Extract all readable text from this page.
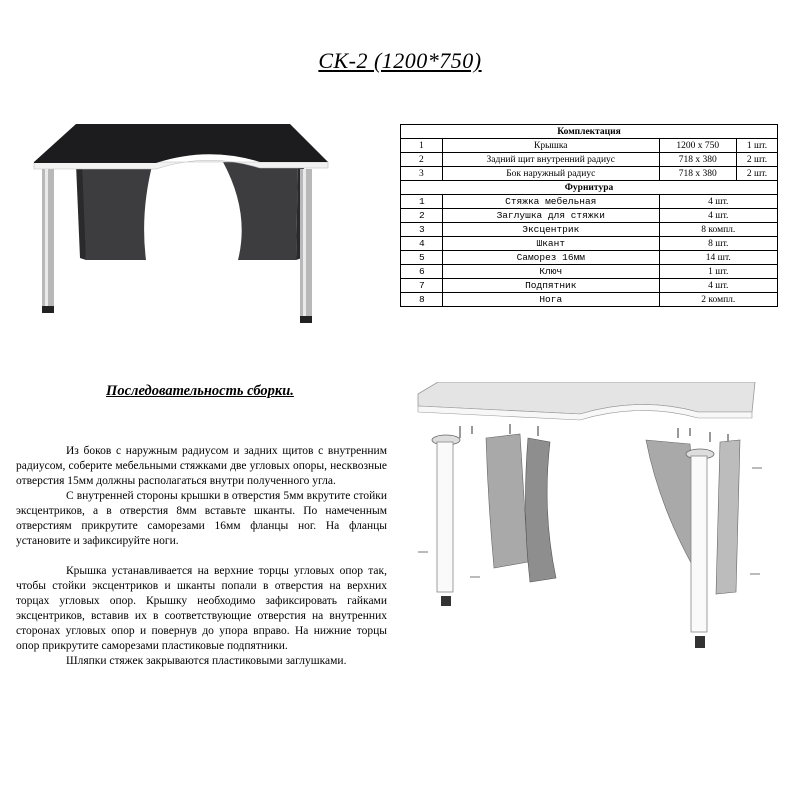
СК-2 (1200*750)
Комплектация			
1	Крышка	1200 x 750	1 шт.
2	Задний щит внутренний радиус	718 x 380	2 шт.
3	Бок наружный радиус	718 x 380	2 шт.
Фурнитура			
1	Стяжка мебельная	4 шт.	
2	Заглушка для стяжки	4 шт.	
3	Эксцентрик	8 компл.	
4	Шкант	8 шт.	
5	Саморез 16мм	14 шт.	
6	Ключ	1 шт.	
7	Подпятник	4 шт.	
8	Нога	2 компл.	
Последовательность сборки.

Из боков с наружным радиусом и задних щитов с внутренним радиусом, соберите мебельными стяжками две угловых опоры, несквозные отверстия 15мм должны располагаться внутри полученного угла.

С внутренней стороны крышки в отверстия 5мм вкрутите стойки эксцентриков, а в отверстия 8мм вставьте шканты. По намеченным отверстиям прикрутите саморезами 16мм фланцы ног. На фланцы установите и зафиксируйте ноги.

Крышка устанавливается на верхние торцы угловых опор так, чтобы стойки эксцентриков и шканты попали в отверстия на верхних торцах угловых опор. Крышку необходимо зафиксировать гайками эксцентриков, вставив их в соответствующие отверстия на внутренних сторонах угловых опор и повернув до упора вправо. На нижние торцы опор прикрутите саморезами пластиковые подпятники.

Шляпки стяжек закрываются пластиковыми заглушками.
